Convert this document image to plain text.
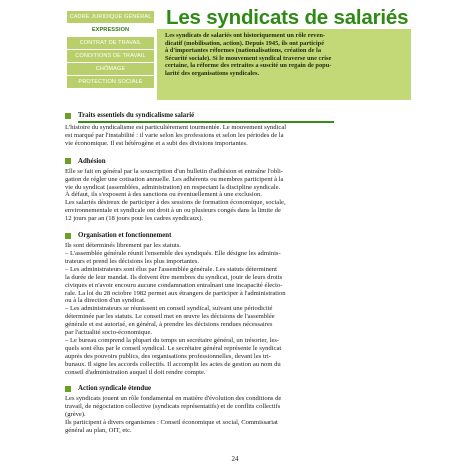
CADRE JURIDIQUE GÉNÉRAL
EXPRESSION
CONTRAT DE TRAVAIL
CONDITIONS DE TRAVAIL
CHÔMAGE
PROTECTION SOCIALE
Les syndicats de salariés
Les syndicats de salariés ont historiquement un rôle reven-
dicatif (mobilisation, action). Depuis 1945, ils ont participé
à d'importantes réformes (nationalisations, création de la
Sécurité sociale). Si le mouvement syndical traverse une crise
certaine, la réforme des retraites a suscité un regain de popu-
larité des organisations syndicales.
Traits essentiels du syndicalisme salarié

L'histoire du syndicalisme est particulièrement tourmentée. Le mouvement syndical
est marqué par l'instabilité : il varie selon les professions et selon les périodes de la
vie économique. Il est hétérogène et a subi des divisions importantes.

Adhésion

Elle se fait en général par la souscription d'un bulletin d'adhésion et entraîne l'obli-
gation de régler une cotisation annuelle. Les adhérents ou membres participent à la
vie du syndicat (assemblées, administration) en respectant la discipline syndicale.
À défaut, ils s'exposent à des sanctions ou éventuellement à une exclusion.

Les salariés désireux de participer à des sessions de formation économique, sociale,
environnementale et syndicale ont droit à un ou plusieurs congés dans la limite de
12 jours par an (18 jours pour les cadres syndicaux).

Organisation et fonctionnement

Ils sont déterminés librement par les statuts.

– L'assemblée générale réunit l'ensemble des syndiqués. Elle désigne les adminis-
trateurs et prend les décisions les plus importantes.

– Les administrateurs sont élus par l'assemblée générale. Les statuts déterminent
la durée de leur mandat. Ils doivent être membres du syndicat, jouir de leurs droits
civiques et n'avoir encouru aucune condamnation entraînant une incapacité électo-
rale. La loi du 28 octobre 1982 permet aux étrangers de participer à l'administration
ou à la direction d'un syndicat.

– Les administrateurs se réunissent en conseil syndical, suivant une périodicité
déterminée par les statuts. Le conseil met en œuvre les décisions de l'assemblée
générale et est autorisé, en général, à prendre les décisions rendues nécessaires
par l'actualité socio-économique.

– Le bureau comprend la plupart du temps un secrétaire général, un trésorier, les-
quels sont élus par le conseil syndical. Le secrétaire général représente le syndicat
auprès des pouvoirs publics, des organisations professionnelles, devant les tri-
bunaux. Il signe les accords collectifs. Il accomplit les actes de gestion au nom du
conseil d'administration auquel il doit rendre compte.

Action syndicale étendue

Les syndicats jouent un rôle fondamental en matière d'évolution des conditions de
travail, de négociation collective (syndicats représentatifs) et de conflits collectifs
(grève).

Ils participent à divers organismes : Conseil économique et social, Commissariat
général au plan, OIT, etc.

24
